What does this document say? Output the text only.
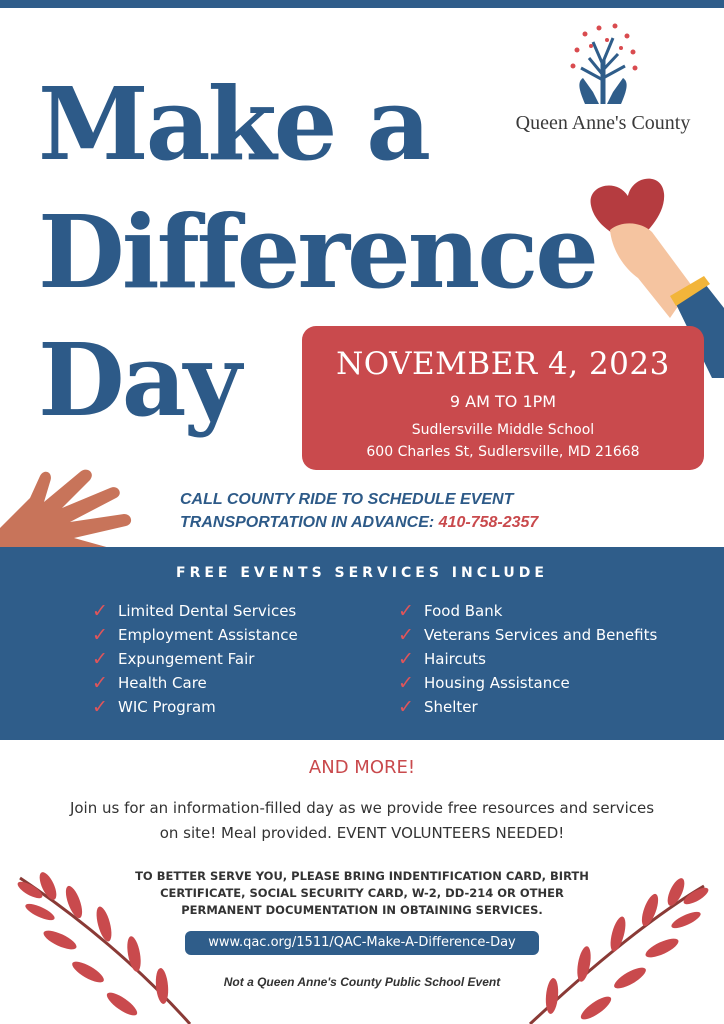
Make a
Difference
Day
Queen Anne's County
NOVEMBER 4, 2023
9 AM TO 1PM
Sudlersville Middle School
600 Charles St, Sudlersville, MD 21668
CALL COUNTY RIDE TO SCHEDULE EVENT
TRANSPORTATION IN ADVANCE: 410-758-2357
FREE EVENTS SERVICES INCLUDE
✓ Limited Dental Services
✓ Employment Assistance
✓ Expungement Fair
✓ Health Care
✓ WIC Program
✓ Food Bank
✓ Veterans Services and Benefits
✓ Haircuts
✓ Housing Assistance
✓ Shelter
AND MORE!
Join us for an information-filled day as we provide free resources and services on site! Meal provided. EVENT VOLUNTEERS NEEDED!
TO BETTER SERVE YOU, PLEASE BRING INDENTIFICATION CARD, BIRTH CERTIFICATE, SOCIAL SECURITY CARD, W-2, DD-214 OR OTHER PERMANENT DOCUMENTATION IN OBTAINING SERVICES.
www.qac.org/1511/QAC-Make-A-Difference-Day
Not a Queen Anne's County Public School Event
